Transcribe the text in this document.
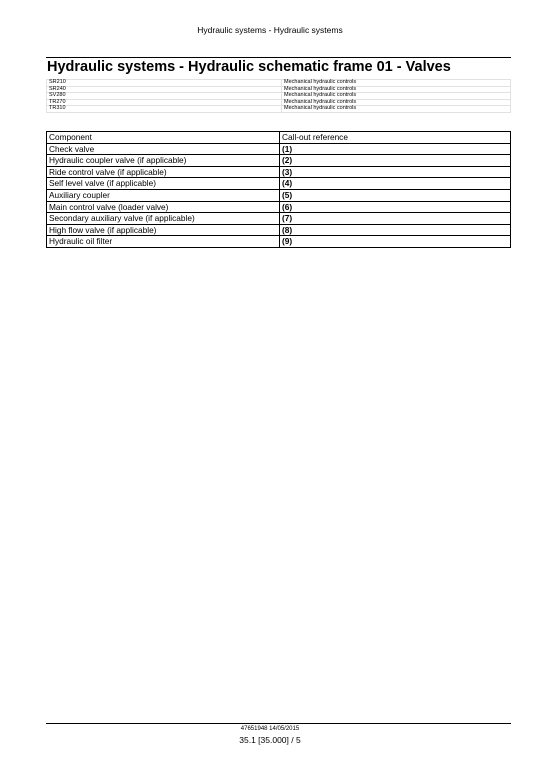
Hydraulic systems - Hydraulic systems
Hydraulic systems - Hydraulic schematic frame 01 - Valves
SR210	Mechanical hydraulic controls
SR240	Mechanical hydraulic controls
SV280	Mechanical hydraulic controls
TR270	Mechanical hydraulic controls
TR310	Mechanical hydraulic controls
Component	Call-out reference
Check valve	(1)
Hydraulic coupler valve (if applicable)	(2)
Ride control valve (if applicable)	(3)
Self level valve (if applicable)	(4)
Auxiliary coupler	(5)
Main control valve (loader valve)	(6)
Secondary auxiliary valve (if applicable)	(7)
High flow valve (if applicable)	(8)
Hydraulic oil filter	(9)
47651948 14/05/2015
35.1 [35.000] / 5
